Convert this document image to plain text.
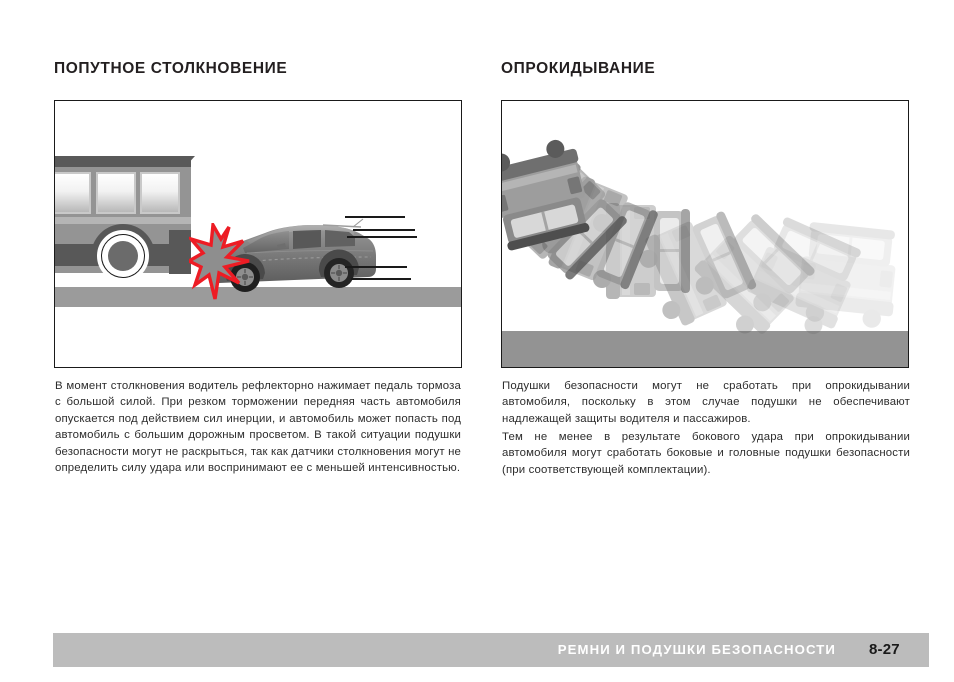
ПОПУТНОЕ СТОЛКНОВЕНИЕ
В момент столкновения водитель рефлекторно нажимает педаль тормоза с большой силой. При резком торможении передняя часть автомобиля опускается под действием сил инерции, и автомобиль может попасть под автомобиль с большим дорожным просветом. В такой ситуации подушки безопасности могут не раскрыться, так как датчики столкновения могут не определить силу удара или воспринимают ее с меньшей интенсивностью.
ОПРОКИДЫВАНИЕ
Подушки безопасности могут не сработать при опрокидывании автомобиля, поскольку в этом случае подушки не обеспечивают надлежащей защиты водителя и пассажиров.
Тем не менее в результате бокового удара при опрокидывании автомобиля могут сработать боковые и головные подушки безопасности (при соответствующей комплектации).
РЕМНИ И ПОДУШКИ БЕЗОПАСНОСТИ 8-27
